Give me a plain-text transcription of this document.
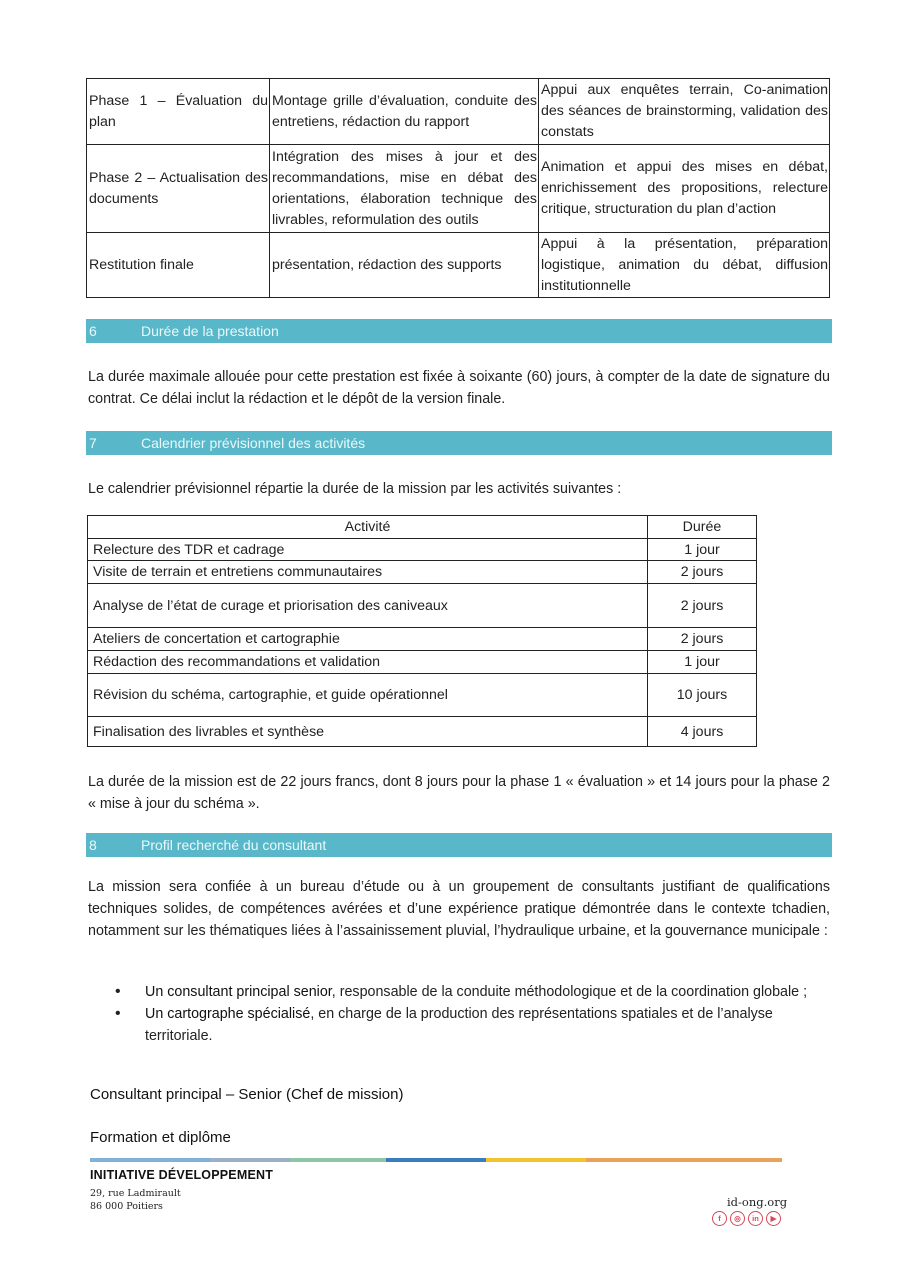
Phase 1 – Évaluation du plan	Montage grille d’évaluation, conduite des entretiens, rédaction du rapport	Appui aux enquêtes terrain, Co-animation des séances de brainstorming, validation des constats
Phase 2 – Actualisation des documents	Intégration des mises à jour et des recommandations, mise en débat des orientations, élaboration technique des livrables, reformulation des outils	Animation et appui des mises en débat, enrichissement des propositions, relecture critique, structuration du plan d’action
Restitution finale	présentation, rédaction des supports	Appui à la présentation, préparation logistique, animation du débat, diffusion institutionnelle
6	Durée de la prestation
La durée maximale allouée pour cette prestation est fixée à soixante (60) jours, à compter de la date de signature du contrat. Ce délai inclut la rédaction et le dépôt de la version finale.
7	Calendrier prévisionnel des activités
Le calendrier prévisionnel répartie la durée de la mission par les activités suivantes :
Activité	Durée
Relecture des TDR et cadrage	1 jour
Visite de terrain et entretiens communautaires	2 jours
Analyse de l’état de curage et priorisation des caniveaux	2 jours
Ateliers de concertation et cartographie	2 jours
Rédaction des recommandations et validation	1 jour
Révision du schéma, cartographie, et guide opérationnel	10 jours
Finalisation des livrables et synthèse	4 jours
La durée de la mission est de 22 jours francs, dont 8 jours pour la phase 1 « évaluation » et 14 jours pour la phase 2 « mise à jour du schéma ».
8	Profil recherché du consultant
La mission sera confiée à un bureau d’étude ou à un groupement de consultants justifiant de qualifications techniques solides, de compétences avérées et d’une expérience pratique démontrée dans le contexte tchadien, notamment sur les thématiques liées à l’assainissement pluvial, l’hydraulique urbaine, et la gouvernance municipale :
• Un consultant principal senior, responsable de la conduite méthodologique et de la coordination globale ;
• Un cartographe spécialisé, en charge de la production des représentations spatiales et de l’analyse territoriale.
Consultant principal – Senior (Chef de mission)
Formation et diplôme
INITIATIVE DÉVELOPPEMENT
29, rue Ladmirault
86 000 Poitiers	id-ong.org
f	◎	in	▶
